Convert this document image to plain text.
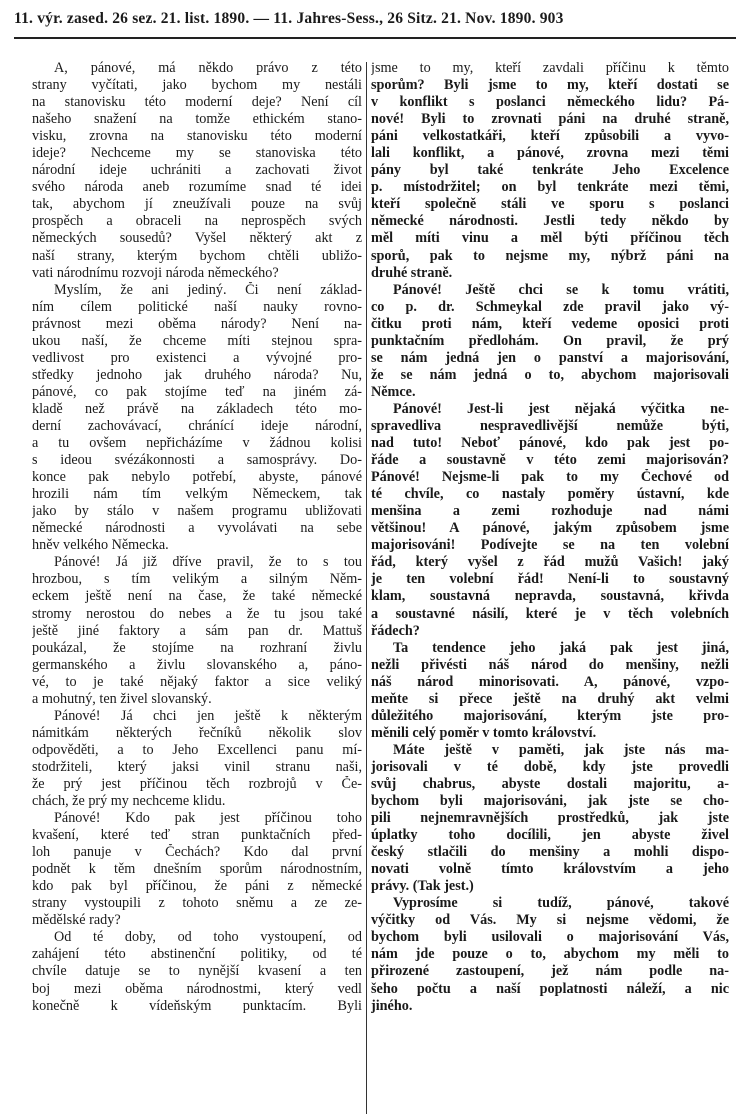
11. výr. zased. 26 sez. 21. list. 1890. — 11. Jahres-Sess., 26 Sitz. 21. Nov. 1890. 903
A, pánové, má někdo právo z této
strany vyčítati, jako bychom my nestáli
na stanovisku této moderní deje? Není cíl
našeho snažení na tomže ethickém stano-
visku, zrovna na stanovisku této moderní
ideje? Nechceme my se stanoviska této
národní ideje uchrániti a zachovati život
svého národa aneb rozumíme snad té idei
tak, abychom jí zneužívali pouze na svůj
prospěch a obraceli na neprospěch svých
německých sousedů? Vyšel některý akt z
naší strany, kterým bychom chtěli ubližo-
vati národnímu rozvoji národa německého?
Myslím, že ani jediný. Či není základ-
ním cílem politické naší nauky rovno-
právnost mezi oběma národy? Není na-
ukou naší, že chceme míti stejnou spra-
vedlivost pro existenci a vývojné pro-
středky jednoho jak druhého národa? Nu,
pánové, co pak stojíme teď na jiném zá-
kladě než právě na základech této mo-
derní zachovávací, chránící ideje národní,
a tu ovšem nepřicházíme v žádnou kolisi
s ideou svézákonnosti a samosprávy. Do-
konce pak nebylo potřebí, abyste, pánové
hrozili nám tím velkým Německem, tak
jako by stálo v našem programu ubližovati
německé národnosti a vyvolávati na sebe
hněv velkého Německa.
Pánové! Já již dříve pravil, že to s tou
hrozbou, s tím velikým a silným Něm-
eckem ještě není na čase, že také německé
stromy nerostou do nebes a že tu jsou také
ještě jiné faktory a sám pan dr. Mattuš
poukázal, že stojíme na rozhraní živlu
germanského a živlu slovanského a, páno-
vé, to je také nějaký faktor a sice veliký
a mohutný, ten živel slovanský.
Pánové! Já chci jen ještě k některým
námitkám některých řečníků několik slov
odpověděti, a to Jeho Excellenci panu mí-
stodržiteli, který jaksi vinil stranu naši,
že prý jest příčinou těch rozbrojů v Če-
chách, že prý my nechceme klidu.
Pánové! Kdo pak jest příčinou toho
kvašení, které teď stran punktačních před-
loh panuje v Čechách? Kdo dal první
podnět k těm dnešním sporům národnostním,
kdo pak byl příčinou, že páni z německé
strany vystoupili z tohoto sněmu a ze ze-
mědělské rady?
Od té doby, od toho vystoupení, od
zahájení této abstinenční politiky, od té
chvíle datuje se to nynější kvasení a ten
boj mezi oběma národnostmi, který vedl
konečně k vídeňským punktacím. Byli
jsme to my, kteří zavdali příčinu k těmto
sporům? Byli jsme to my, kteří dostati se
v konflikt s poslanci německého lidu? Pá-
nové! Byli to zrovnati páni na druhé straně,
páni velkostatkáři, kteří způsobili a vyvo-
lali konflikt, a pánové, zrovna mezi těmi
pány byl také tenkráte Jeho Excelence
p. místodržitel; on byl tenkráte mezi těmi,
kteří společně stáli ve sporu s poslanci
německé národnosti. Jestli tedy někdo by
měl míti vinu a měl býti příčinou těch
sporů, pak to nejsme my, nýbrž páni na
druhé straně.
Pánové! Ještě chci se k tomu vrátiti,
co p. dr. Schmeykal zde pravil jako vý-
čitku proti nám, kteří vedeme oposici proti
punktačním předlohám. On pravil, že prý
se nám jedná jen o panství a majorisování,
že se nám jedná o to, abychom majorisovali
Němce.
Pánové! Jest-li jest nějaká výčitka ne-
spravedliva nespravedlivější nemůže býti,
nad tuto! Neboť pánové, kdo pak jest po-
řáde a soustavně v této zemi majorisován?
Pánové! Nejsme-li pak to my Čechové od
té chvíle, co nastaly poměry ústavní, kde
menšina a zemi rozhoduje nad námi
většinou! A pánové, jakým způsobem jsme
majorisováni! Podívejte se na ten volební
řád, který vyšel z řád mužů Vašich! jaký
je ten volební řád! Není-li to soustavný
klam, soustavná nepravda, soustavná, křivda
a soustavné násilí, které je v těch volebních
řádech?
Ta tendence jeho jaká pak jest jiná,
nežli přivésti náš národ do menšiny, nežli
náš národ minorisovati. A, pánové, vzpo-
meňte si přece ještě na druhý akt velmi
důležitého majorisování, kterým jste pro-
měnili celý poměr v tomto království.
Máte ještě v paměti, jak jste nás ma-
jorisovali v té době, kdy jste provedli
svůj chabrus, abyste dostali majoritu, a-
bychom byli majorisováni, jak jste se cho-
pili nejnemravnějších prostředků, jak jste
úplatky toho docílili, jen abyste živel
český stlačili do menšiny a mohli dispo-
novati volně tímto královstvím a jeho
právy. (Tak jest.)
Vyprosíme si tudíž, pánové, takové
výčitky od Vás. My si nejsme vědomi, že
bychom byli usilovali o majorisování Vás,
nám jde pouze o to, abychom my měli to
přirozené zastoupení, jež nám podle na-
šeho počtu a naší poplatnosti náleží, a nic
jiného.
